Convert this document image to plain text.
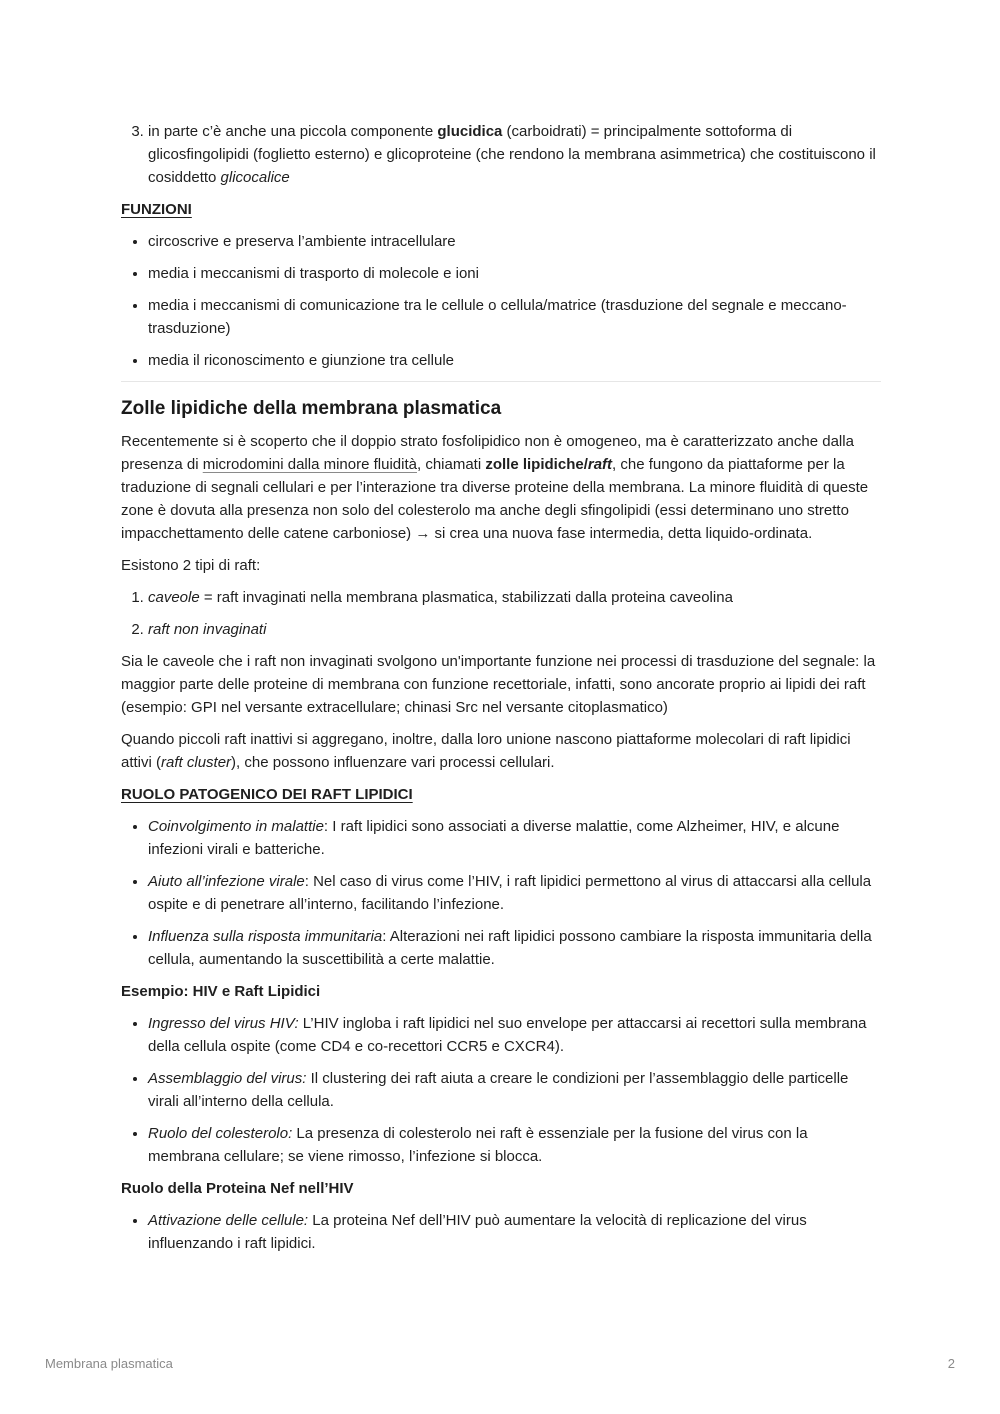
3. in parte c’è anche una piccola componente glucidica (carboidrati) = principalmente sottoforma di glicosfingolipidi (foglietto esterno) e glicoproteine (che rendono la membrana asimmetrica) che costituiscono il cosiddetto glicocalice
FUNZIONI
• circoscrive e preserva l’ambiente intracellulare
• media i meccanismi di trasporto di molecole e ioni
• media i meccanismi di comunicazione tra le cellule o cellula/matrice (trasduzione del segnale e meccano-trasduzione)
• media il riconoscimento e giunzione tra cellule
Zolle lipidiche della membrana plasmatica

Recentemente si è scoperto che il doppio strato fosfolipidico non è omogeneo, ma è caratterizzato anche dalla presenza di microdomini dalla minore fluidità, chiamati zolle lipidiche/raft, che fungono da piattaforme per la traduzione di segnali cellulari e per l’interazione tra diverse proteine della membrana. La minore fluidità di queste zone è dovuta alla presenza non solo del colesterolo ma anche degli sfingolipidi (essi determinano uno stretto impacchettamento delle catene carboniose) → si crea una nuova fase intermedia, detta liquido-ordinata.

Esistono 2 tipi di raft:

1. caveole = raft invaginati nella membrana plasmatica, stabilizzati dalla proteina caveolina
2. raft non invaginati

Sia le caveole che i raft non invaginati svolgono un'importante funzione nei processi di trasduzione del segnale: la maggior parte delle proteine di membrana con funzione recettoriale, infatti, sono ancorate proprio ai lipidi dei raft (esempio: GPI nel versante extracellulare; chinasi Src nel versante citoplasmatico)

Quando piccoli raft inattivi si aggregano, inoltre, dalla loro unione nascono piattaforme molecolari di raft lipidici attivi (raft cluster), che possono influenzare vari processi cellulari.

RUOLO PATOGENICO DEI RAFT LIPIDICI
• Coinvolgimento in malattie: I raft lipidici sono associati a diverse malattie, come Alzheimer, HIV, e alcune infezioni virali e batteriche.
• Aiuto all’infezione virale: Nel caso di virus come l’HIV, i raft lipidici permettono al virus di attaccarsi alla cellula ospite e di penetrare all’interno, facilitando l’infezione.
• Influenza sulla risposta immunitaria: Alterazioni nei raft lipidici possono cambiare la risposta immunitaria della cellula, aumentando la suscettibilità a certe malattie.
Esempio: HIV e Raft Lipidici
• Ingresso del virus HIV: L’HIV ingloba i raft lipidici nel suo envelope per attaccarsi ai recettori sulla membrana della cellula ospite (come CD4 e co-recettori CCR5 e CXCR4).
• Assemblaggio del virus: Il clustering dei raft aiuta a creare le condizioni per l’assemblaggio delle particelle virali all’interno della cellula.
• Ruolo del colesterolo: La presenza di colesterolo nei raft è essenziale per la fusione del virus con la membrana cellulare; se viene rimosso, l’infezione si blocca.
Ruolo della Proteina Nef nell’HIV
• Attivazione delle cellule: La proteina Nef dell’HIV può aumentare la velocità di replicazione del virus influenzando i raft lipidici.
Membrana plasmatica	2
